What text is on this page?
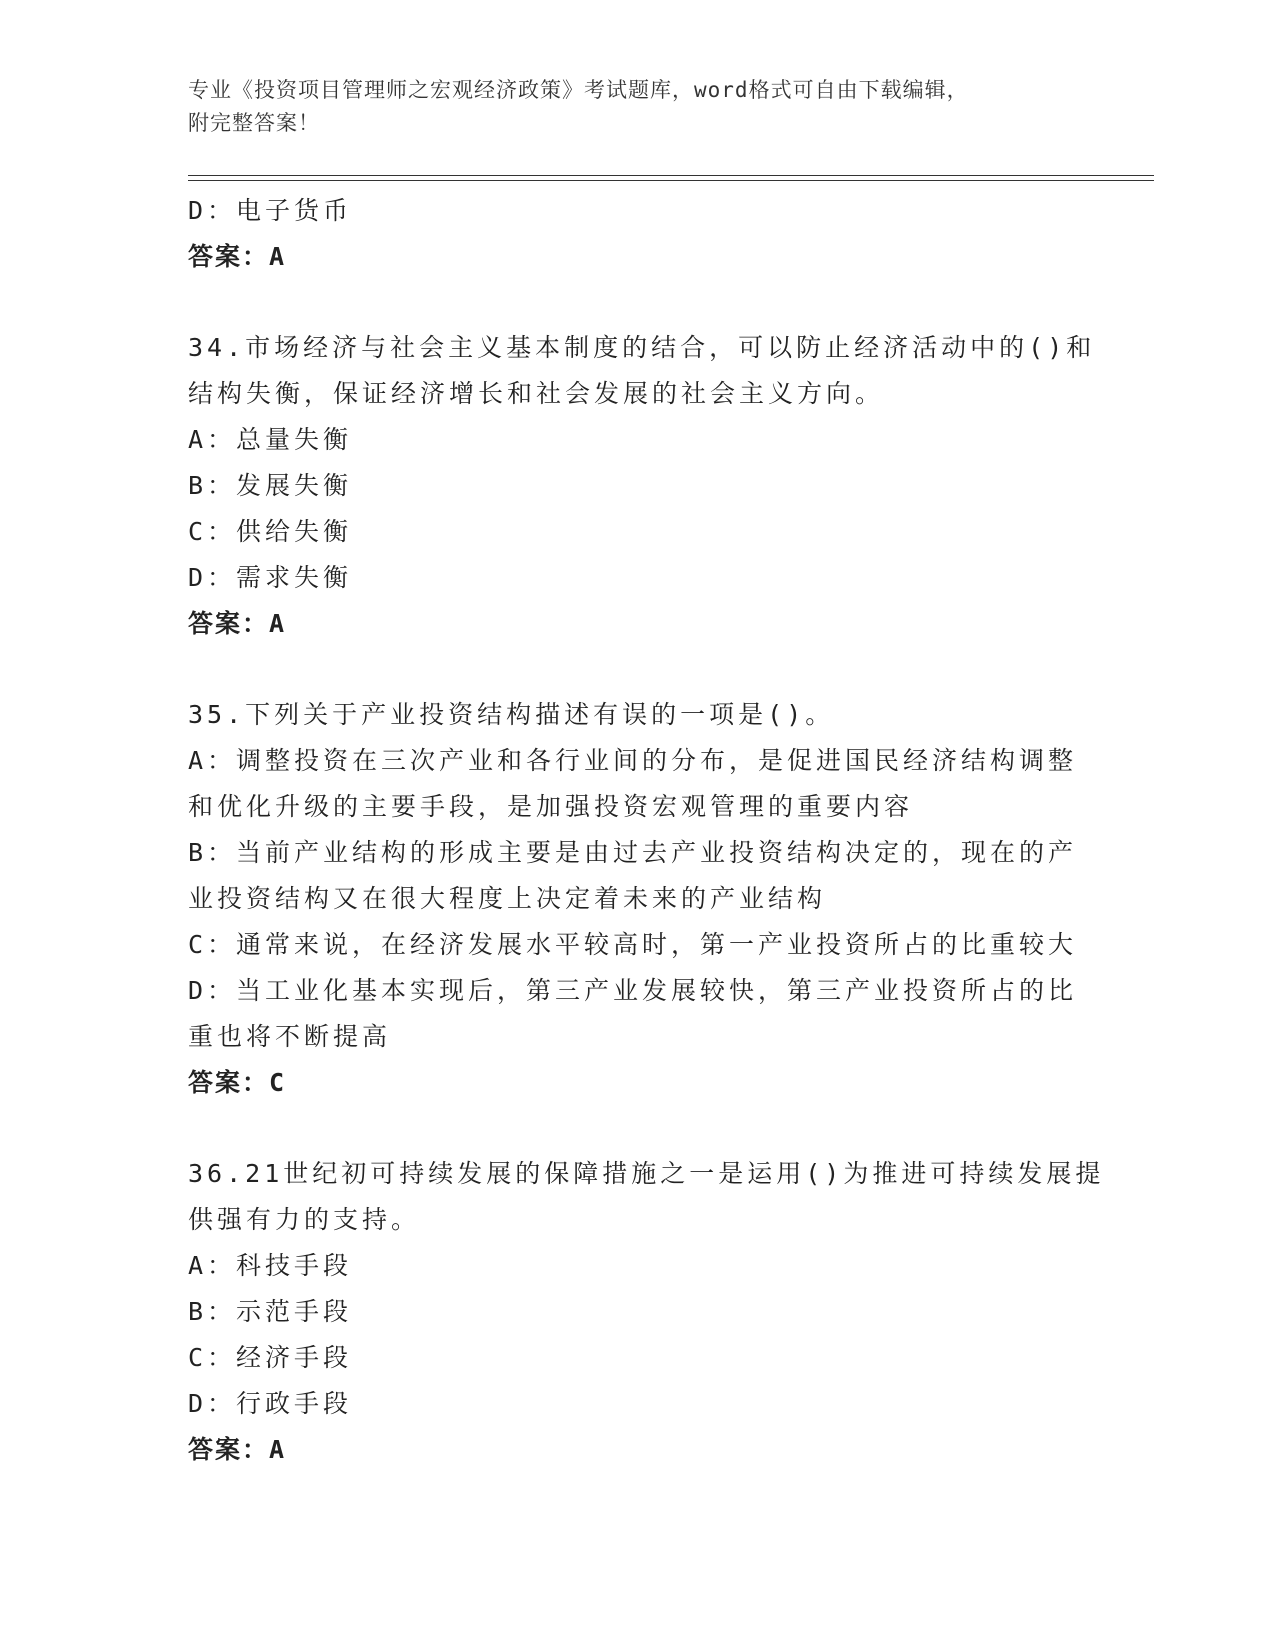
专业《投资项目管理师之宏观经济政策》考试题库，word格式可自由下载编辑，
附完整答案！
D：电子货币
答案：A
34.市场经济与社会主义基本制度的结合，可以防止经济活动中的()和
结构失衡，保证经济增长和社会发展的社会主义方向。
A：总量失衡
B：发展失衡
C：供给失衡
D：需求失衡
答案：A
35.下列关于产业投资结构描述有误的一项是()。
A：调整投资在三次产业和各行业间的分布，是促进国民经济结构调整
和优化升级的主要手段，是加强投资宏观管理的重要内容
B：当前产业结构的形成主要是由过去产业投资结构决定的，现在的产
业投资结构又在很大程度上决定着未来的产业结构
C：通常来说，在经济发展水平较高时，第一产业投资所占的比重较大
D：当工业化基本实现后，第三产业发展较快，第三产业投资所占的比
重也将不断提高
答案：C
36.21世纪初可持续发展的保障措施之一是运用()为推进可持续发展提
供强有力的支持。
A：科技手段
B：示范手段
C：经济手段
D：行政手段
答案：A
